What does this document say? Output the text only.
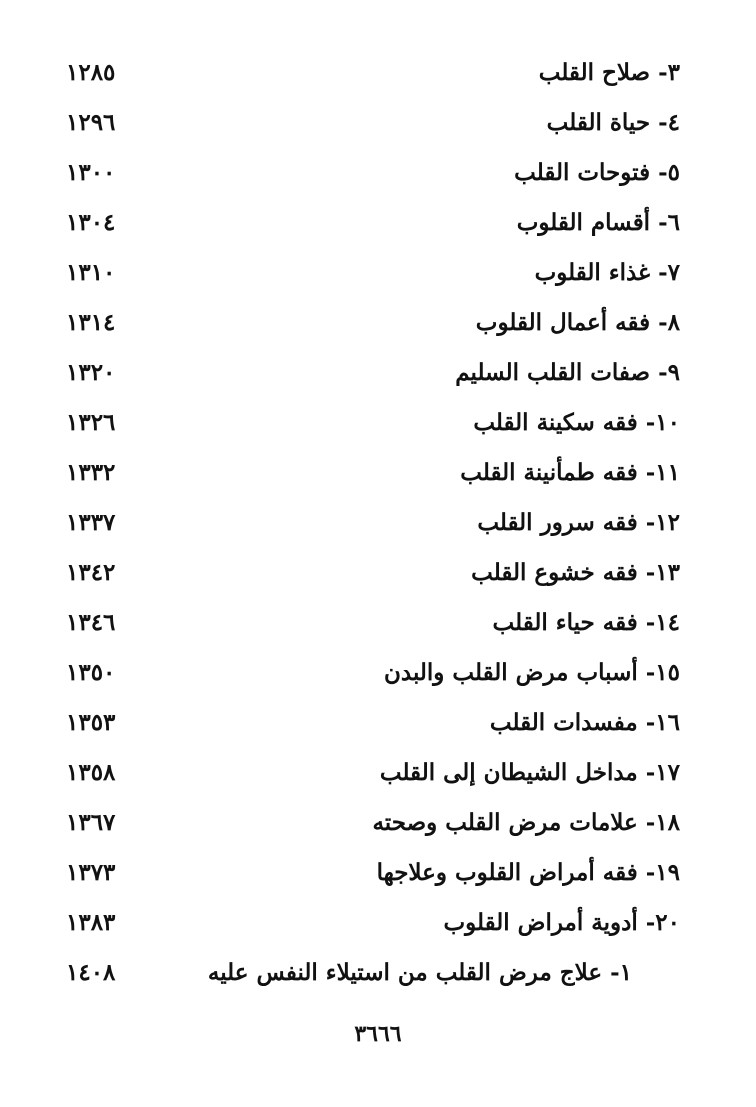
٣- صلاح القلب
١٢٨٥
٤- حياة القلب
١٢٩٦
٥- فتوحات القلب
١٣٠٠
٦- أقسام القلوب
١٣٠٤
٧- غذاء القلوب
١٣١٠
٨- فقه أعمال القلوب
١٣١٤
٩- صفات القلب السليم
١٣٢٠
١٠- فقه سكينة القلب
١٣٢٦
١١- فقه طمأنينة القلب
١٣٣٢
١٢- فقه سرور القلب
١٣٣٧
١٣- فقه خشوع القلب
١٣٤٢
١٤- فقه حياء القلب
١٣٤٦
١٥- أسباب مرض القلب والبدن
١٣٥٠
١٦- مفسدات القلب
١٣٥٣
١٧- مداخل الشيطان إلى القلب
١٣٥٨
١٨- علامات مرض القلب وصحته
١٣٦٧
١٩- فقه أمراض القلوب وعلاجها
١٣٧٣
٢٠- أدوية أمراض القلوب
١٣٨٣
١- علاج مرض القلب من استيلاء النفس عليه
١٤٠٨
٣٦٦٦
